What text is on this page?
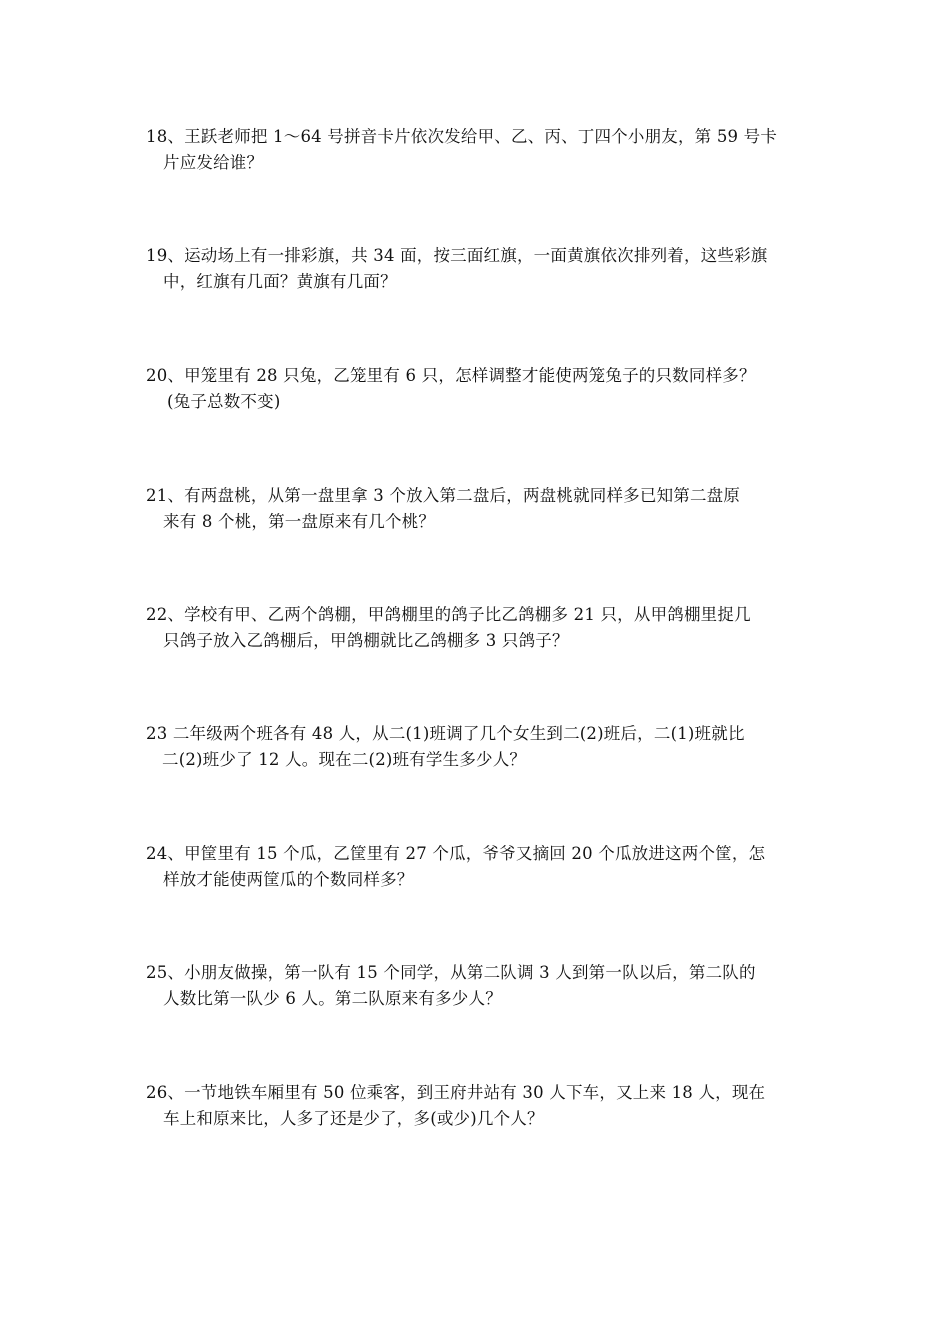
18、王跃老师把 1～64 号拼音卡片依次发给甲、乙、丙、丁四个小朋友，第 59 号卡
片应发给谁？
19、运动场上有一排彩旗，共 34 面，按三面红旗，一面黄旗依次排列着，这些彩旗
中，红旗有几面？黄旗有几面？
20、甲笼里有 28 只兔，乙笼里有 6 只，怎样调整才能使两笼兔子的只数同样多？
(兔子总数不变)
21、有两盘桃，从第一盘里拿 3 个放入第二盘后，两盘桃就同样多已知第二盘原
来有 8 个桃，第一盘原来有几个桃？
22、学校有甲、乙两个鸽棚，甲鸽棚里的鸽子比乙鸽棚多 21 只，从甲鸽棚里捉几
只鸽子放入乙鸽棚后，甲鸽棚就比乙鸽棚多 3 只鸽子？
23 二年级两个班各有 48 人，从二(1)班调了几个女生到二(2)班后，二(1)班就比
二(2)班少了 12 人。现在二(2)班有学生多少人？
24、甲筐里有 15 个瓜，乙筐里有 27 个瓜，爷爷又摘回 20 个瓜放进这两个筐，怎
样放才能使两筐瓜的个数同样多？
25、小朋友做操，第一队有 15 个同学，从第二队调 3 人到第一队以后，第二队的
人数比第一队少 6 人。第二队原来有多少人？
26、一节地铁车厢里有 50 位乘客，到王府井站有 30 人下车，又上来 18 人，现在
车上和原来比，人多了还是少了，多(或少)几个人？
